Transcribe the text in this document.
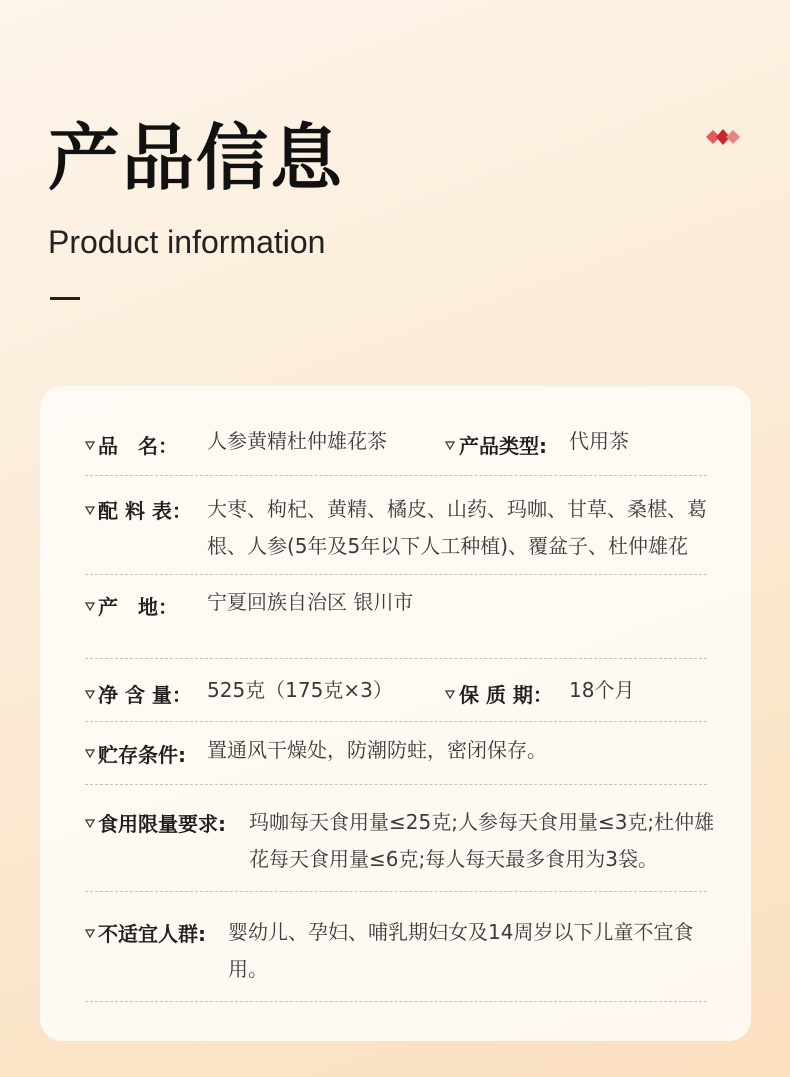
产品信息
Product information
品 名： 人参黄精杜仲雄花茶	产品类型: 代用茶
配 料 表： 大枣、枸杞、黄精、橘皮、山药、玛咖、甘草、桑椹、葛根、人参(5年及5年以下人工种植)、覆盆子、杜仲雄花
产 地： 宁夏回族自治区 银川市
净 含 量： 525克（175克×3）	保 质 期： 18个月
贮存条件: 置通风干燥处，防潮防蛀，密闭保存。
食用限量要求: 玛咖每天食用量≤25克;人参每天食用量≤3克;杜仲雄花每天食用量≤6克;每人每天最多食用为3袋。
不适宜人群: 婴幼儿、孕妇、哺乳期妇女及14周岁以下儿童不宜食用。
